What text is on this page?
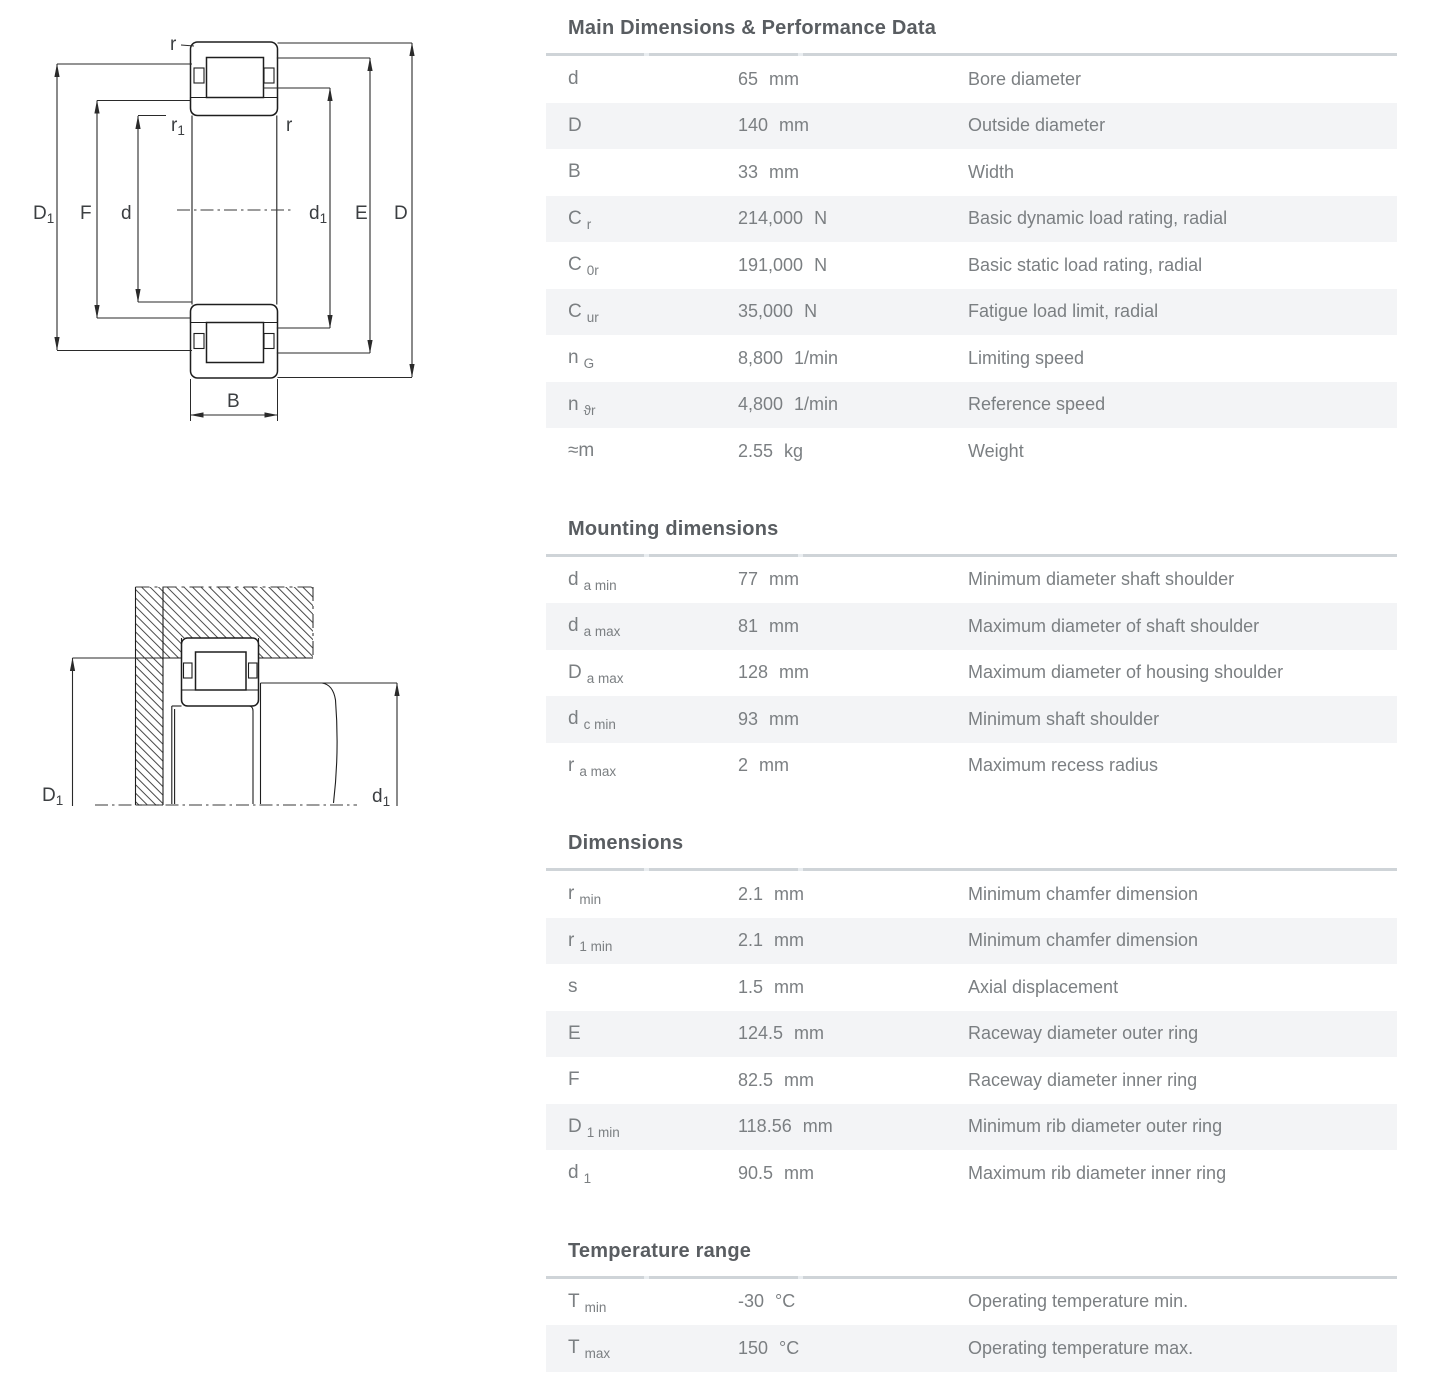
r
$r_1$	r
$D_1$ F d	$d_1$ E D
B
$D_1$	$d_1$
Main Dimensions & Performance Data
d	65 mm	Bore diameter
D	140 mm	Outside diameter
B	33 mm	Width
C $_r$	214,000 N	Basic dynamic load rating, radial
C $_{0r}$	191,000 N	Basic static load rating, radial
C $_{ur}$	35,000 N	Fatigue load limit, radial
n $_G$	8,800 1/min	Limiting speed
n $_{ϑr}$	4,800 1/min	Reference speed
≈m	2.55 kg	Weight
Mounting dimensions
d $_{a min}$	77 mm	Minimum diameter shaft shoulder
d $_{a max}$	81 mm	Maximum diameter of shaft shoulder
D $_{a max}$	128 mm	Maximum diameter of housing shoulder
d $_{c min}$	93 mm	Minimum shaft shoulder
r $_{a max}$	2 mm	Maximum recess radius
Dimensions
r $_{min}$	2.1 mm	Minimum chamfer dimension
r $_{1 min}$	2.1 mm	Minimum chamfer dimension
s	1.5 mm	Axial displacement
E	124.5 mm	Raceway diameter outer ring
F	82.5 mm	Raceway diameter inner ring
D $_{1 min}$	118.56 mm	Minimum rib diameter outer ring
d $_1$	90.5 mm	Maximum rib diameter inner ring
Temperature range
T $_{min}$	-30 °C	Operating temperature min.
T $_{max}$	150 °C	Operating temperature max.
